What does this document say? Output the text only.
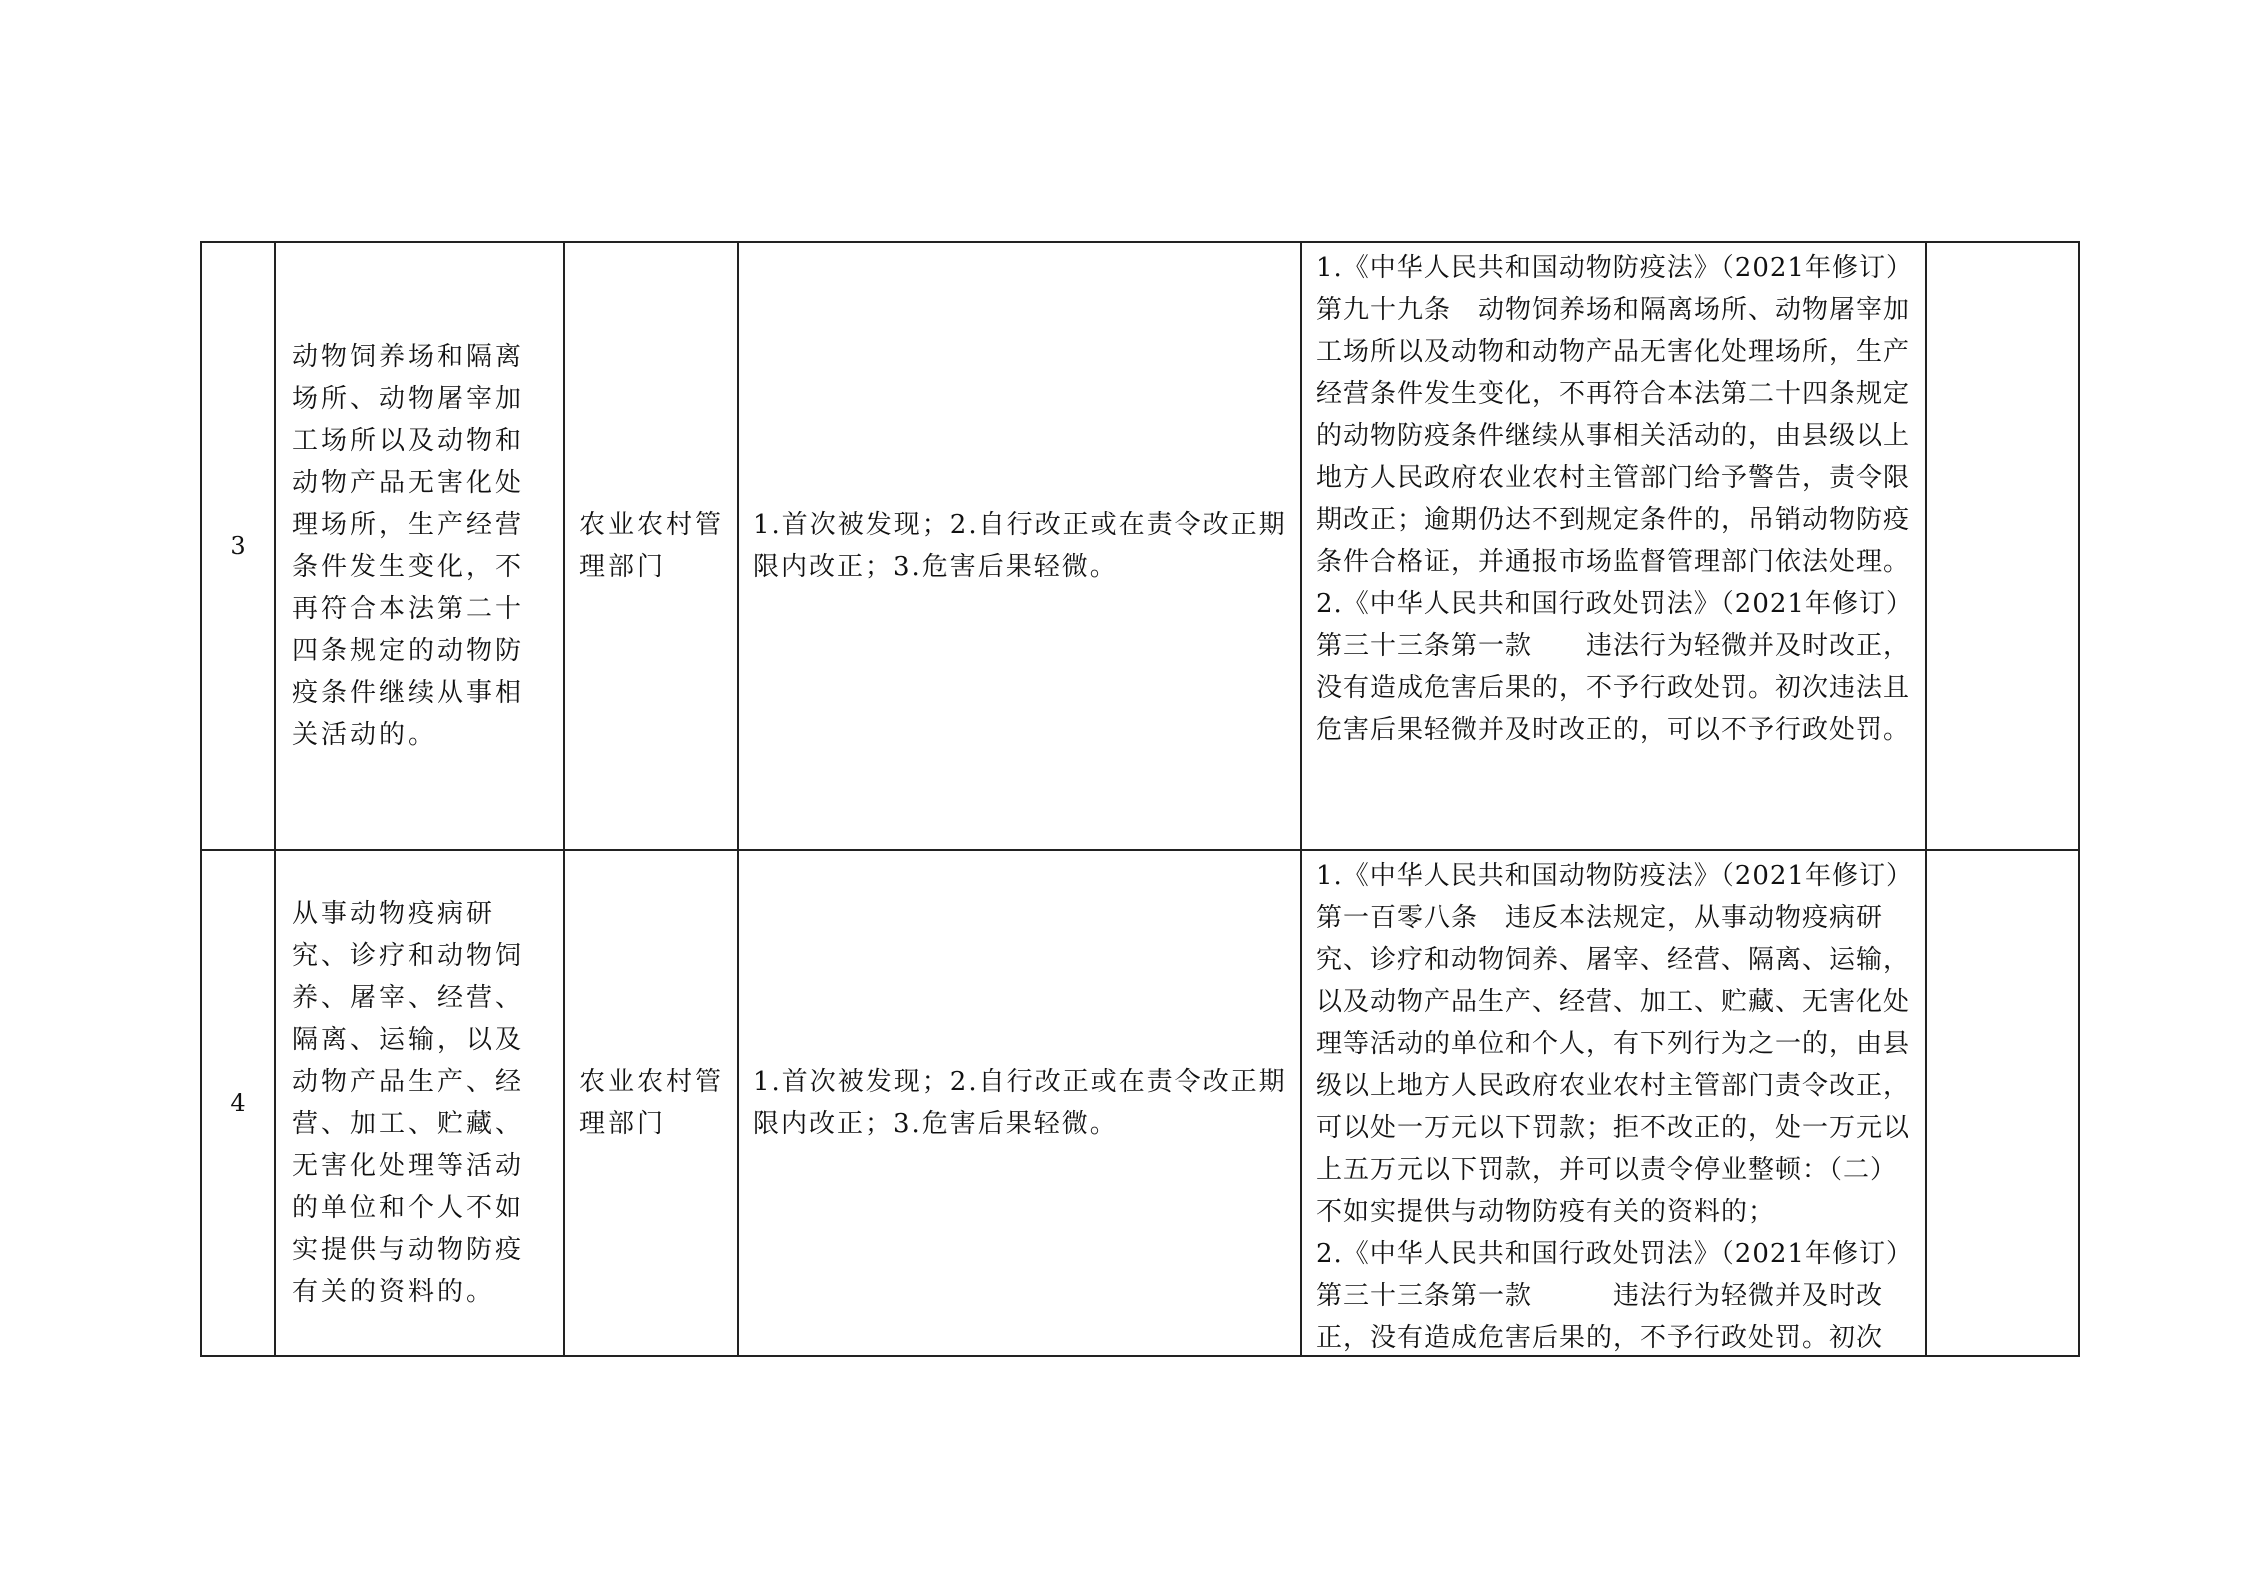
3	动物饲养场和隔离场所、动物屠宰加工场所以及动物和动物产品无害化处理场所，生产经营条件发生变化，不再符合本法第二十四条规定的动物防疫条件继续从事相关活动的。	农业农村管理部门	1.首次被发现；2.自行改正或在责令改正期限内改正；3.危害后果轻微。	1.《中华人民共和国动物防疫法》（2021年修订）
第九十九条　动物饲养场和隔离场所、动物屠宰加工场所以及动物和动物产品无害化处理场所，生产经营条件发生变化，不再符合本法第二十四条规定的动物防疫条件继续从事相关活动的，由县级以上地方人民政府农业农村主管部门给予警告，责令限期改正；逾期仍达不到规定条件的，吊销动物防疫条件合格证，并通报市场监督管理部门依法处理。
2.《中华人民共和国行政处罚法》（2021年修订）
第三十三条第一款　　违法行为轻微并及时改正，没有造成危害后果的，不予行政处罚。初次违法且危害后果轻微并及时改正的，可以不予行政处罚。	

4	从事动物疫病研究、诊疗和动物饲养、屠宰、经营、隔离、运输，以及动物产品生产、经营、加工、贮藏、无害化处理等活动的单位和个人不如实提供与动物防疫有关的资料的。	农业农村管理部门	1.首次被发现；2.自行改正或在责令改正期限内改正；3.危害后果轻微。	1.《中华人民共和国动物防疫法》（2021年修订）
第一百零八条　违反本法规定，从事动物疫病研究、诊疗和动物饲养、屠宰、经营、隔离、运输，以及动物产品生产、经营、加工、贮藏、无害化处理等活动的单位和个人，有下列行为之一的，由县级以上地方人民政府农业农村主管部门责令改正，可以处一万元以下罚款；拒不改正的，处一万元以上五万元以下罚款，并可以责令停业整顿：（二）不如实提供与动物防疫有关的资料的；
2.《中华人民共和国行政处罚法》（2021年修订）
第三十三条第一款　　　违法行为轻微并及时改正，没有造成危害后果的，不予行政处罚。初次	
